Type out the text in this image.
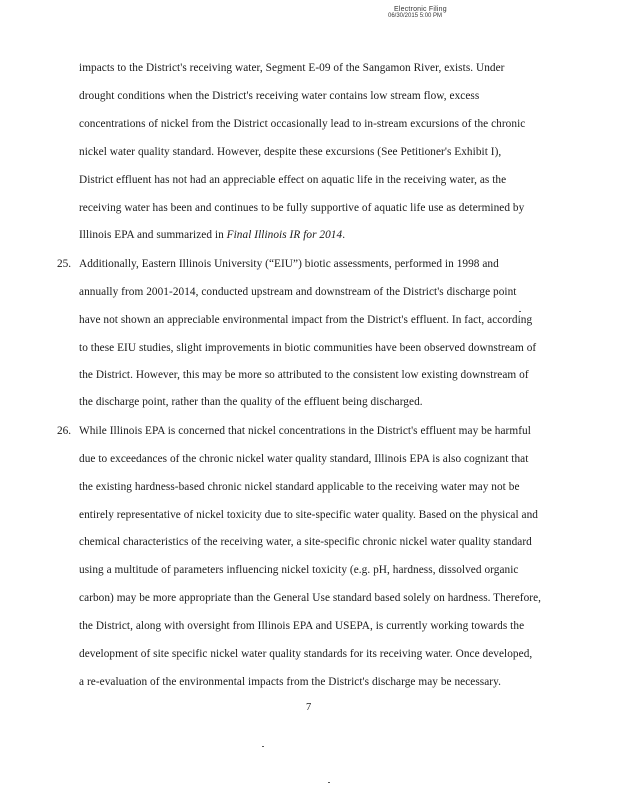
Electronic Filing
06/30/2015 5:00 PM
impacts to the District's receiving water, Segment E-09 of the Sangamon River, exists. Under
drought conditions when the District's receiving water contains low stream flow, excess
concentrations of nickel from the District occasionally lead to in-stream excursions of the chronic
nickel water quality standard. However, despite these excursions (See Petitioner's Exhibit I),
District effluent has not had an appreciable effect on aquatic life in the receiving water, as the
receiving water has been and continues to be fully supportive of aquatic life use as determined by
Illinois EPA and summarized in Final Illinois IR for 2014.
25. Additionally, Eastern Illinois University (“EIU”) biotic assessments, performed in 1998 and
annually from 2001-2014, conducted upstream and downstream of the District's discharge point
have not shown an appreciable environmental impact from the District's effluent. In fact, according
to these EIU studies, slight improvements in biotic communities have been observed downstream of
the District. However, this may be more so attributed to the consistent low existing downstream of
the discharge point, rather than the quality of the effluent being discharged.
26. While Illinois EPA is concerned that nickel concentrations in the District's effluent may be harmful
due to exceedances of the chronic nickel water quality standard, Illinois EPA is also cognizant that
the existing hardness-based chronic nickel standard applicable to the receiving water may not be
entirely representative of nickel toxicity due to site-specific water quality. Based on the physical and
chemical characteristics of the receiving water, a site-specific chronic nickel water quality standard
using a multitude of parameters influencing nickel toxicity (e.g. pH, hardness, dissolved organic
carbon) may be more appropriate than the General Use standard based solely on hardness. Therefore,
the District, along with oversight from Illinois EPA and USEPA, is currently working towards the
development of site specific nickel water quality standards for its receiving water. Once developed,
a re-evaluation of the environmental impacts from the District's discharge may be necessary.
7
